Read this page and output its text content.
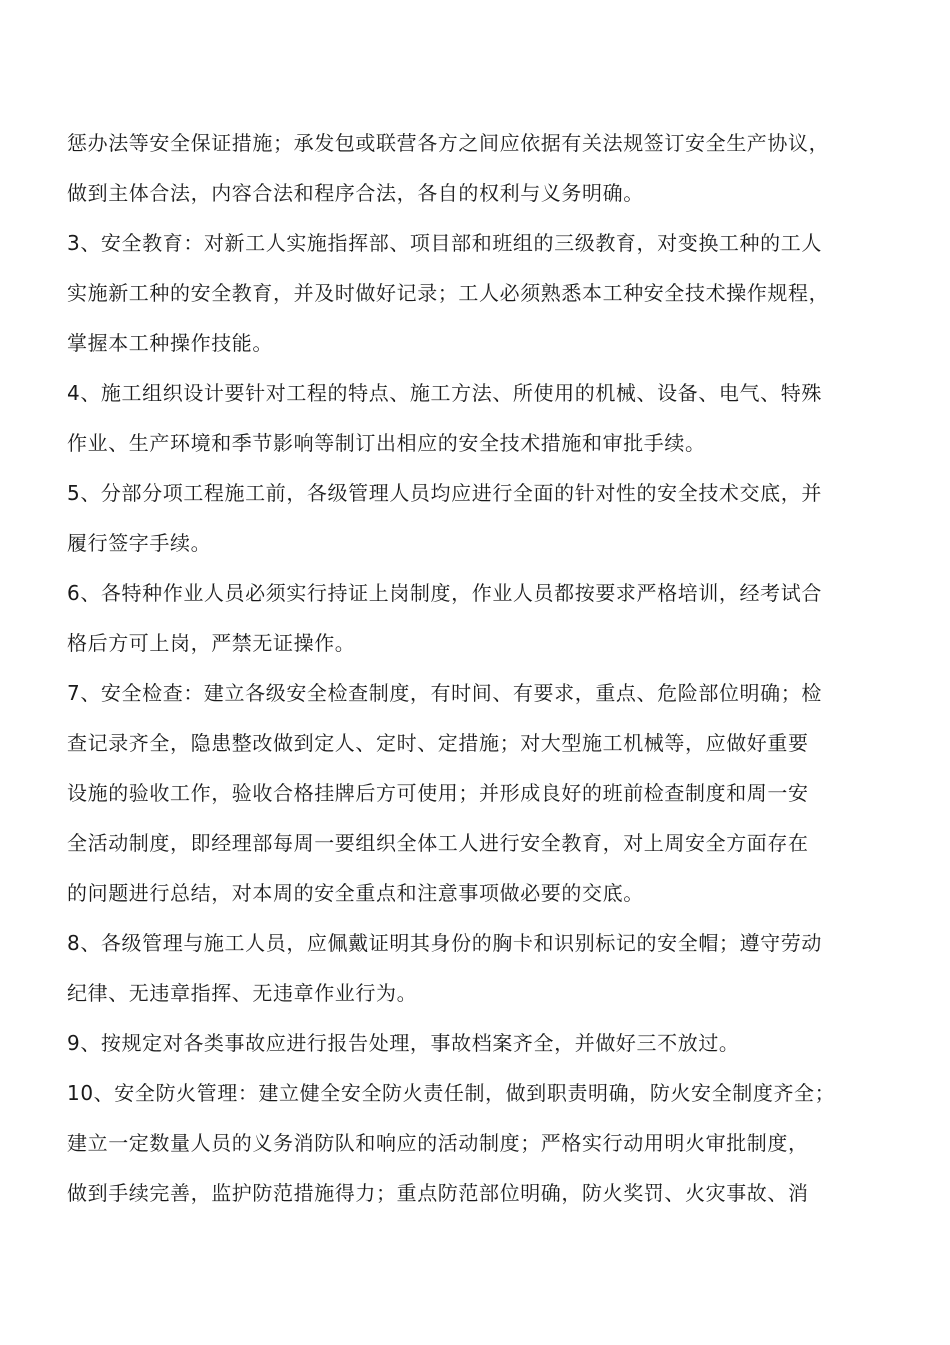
惩办法等安全保证措施；承发包或联营各方之间应依据有关法规签订安全生产协议，

做到主体合法，内容合法和程序合法，各自的权利与义务明确。

3、安全教育：对新工人实施指挥部、项目部和班组的三级教育，对变换工种的工人

实施新工种的安全教育，并及时做好记录；工人必须熟悉本工种安全技术操作规程，

掌握本工种操作技能。

4、施工组织设计要针对工程的特点、施工方法、所使用的机械、设备、电气、特殊

作业、生产环境和季节影响等制订出相应的安全技术措施和审批手续。

5、分部分项工程施工前，各级管理人员均应进行全面的针对性的安全技术交底，并

履行签字手续。

6、各特种作业人员必须实行持证上岗制度，作业人员都按要求严格培训，经考试合

格后方可上岗，严禁无证操作。

7、安全检查：建立各级安全检查制度，有时间、有要求，重点、危险部位明确；检

查记录齐全，隐患整改做到定人、定时、定措施；对大型施工机械等，应做好重要

设施的验收工作，验收合格挂牌后方可使用；并形成良好的班前检查制度和周一安

全活动制度，即经理部每周一要组织全体工人进行安全教育，对上周安全方面存在

的问题进行总结，对本周的安全重点和注意事项做必要的交底。

8、各级管理与施工人员，应佩戴证明其身份的胸卡和识别标记的安全帽；遵守劳动

纪律、无违章指挥、无违章作业行为。

9、按规定对各类事故应进行报告处理，事故档案齐全，并做好三不放过。

10、安全防火管理：建立健全安全防火责任制，做到职责明确，防火安全制度齐全；

建立一定数量人员的义务消防队和响应的活动制度；严格实行动用明火审批制度，

做到手续完善，监护防范措施得力；重点防范部位明确，防火奖罚、火灾事故、消
